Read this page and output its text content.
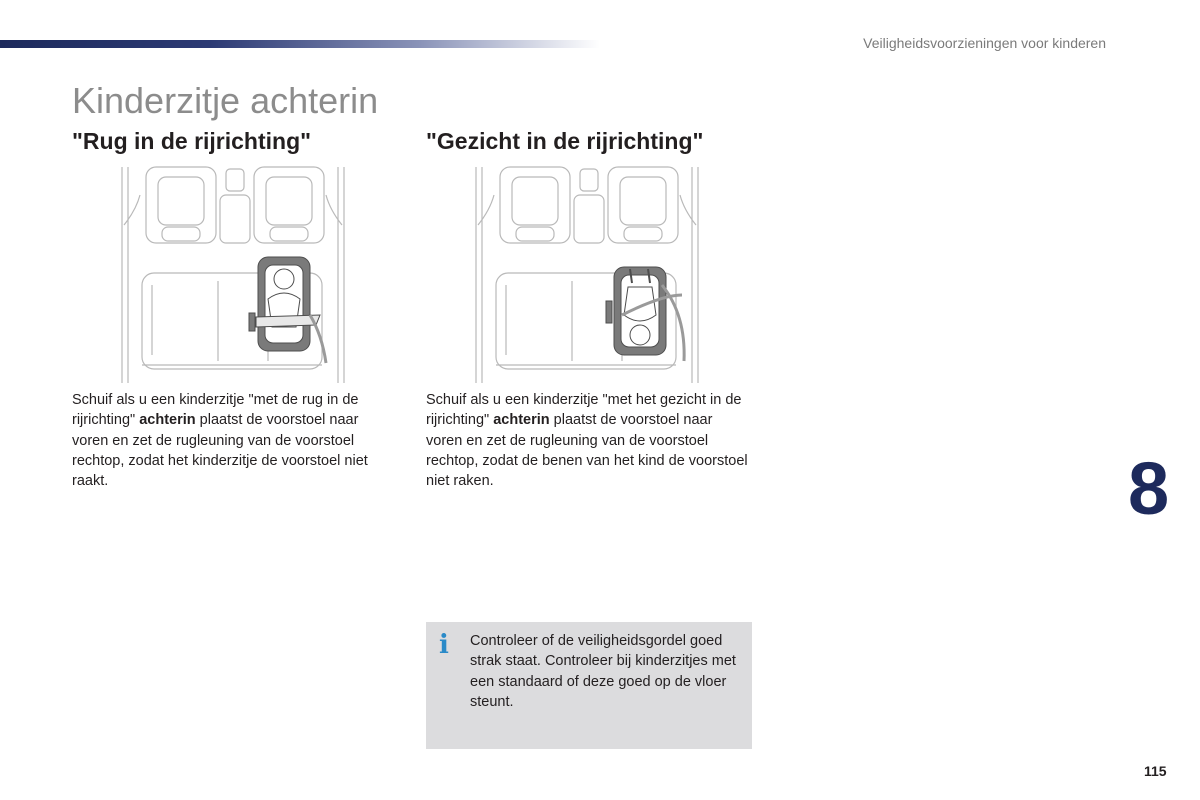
Veiligheidsvoorzieningen voor kinderen
Kinderzitje achterin
"Rug in de rijrichting"	"Gezicht in de rijrichting"

Schuif als u een kinderzitje "met de rug in de rijrichting" achterin plaatst de voorstoel naar voren en zet de rugleuning van de voorstoel rechtop, zodat het kinderzitje de voorstoel niet raakt.

Schuif als u een kinderzitje "met het gezicht in de rijrichting" achterin plaatst de voorstoel naar voren en zet de rugleuning van de voorstoel rechtop, zodat de benen van het kind de voorstoel niet raken.

i Controleer of de veiligheidsgordel goed strak staat. Controleer bij kinderzitjes met een standaard of deze goed op de vloer steunt.

8
115
